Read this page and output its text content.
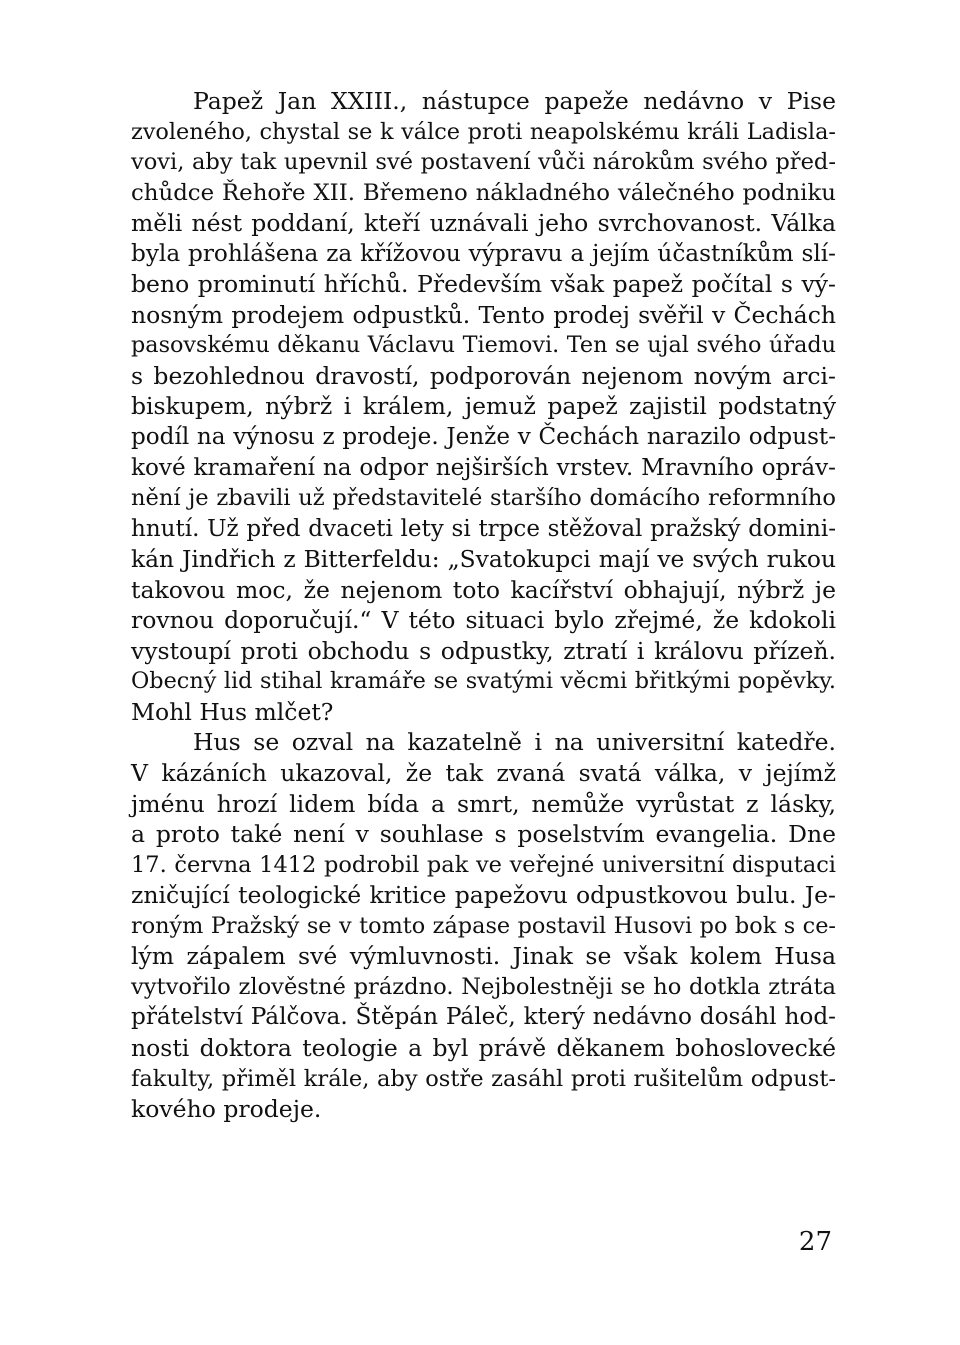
Papež Jan XXIII., nástupce papeže nedávno v Pise
zvoleného, chystal se k válce proti neapolskému králi Ladisla-
vovi, aby tak upevnil své postavení vůči nárokům svého před-
chůdce Řehoře XII. Břemeno nákladného válečného podniku
měli nést poddaní, kteří uznávali jeho svrchovanost. Válka
byla prohlášena za křížovou výpravu a jejím účastníkům slí-
beno prominutí hříchů. Především však papež počítal s vý-
nosným prodejem odpustků. Tento prodej svěřil v Čechách
pasovskému děkanu Václavu Tiemovi. Ten se ujal svého úřadu
s bezohlednou dravostí, podporován nejenom novým arci-
biskupem, nýbrž i králem, jemuž papež zajistil podstatný
podíl na výnosu z prodeje. Jenže v Čechách narazilo odpust-
kové kramaření na odpor nejširších vrstev. Mravního opráv-
nění je zbavili už představitelé staršího domácího reformního
hnutí. Už před dvaceti lety si trpce stěžoval pražský domini-
kán Jindřich z Bitterfeldu: „Svatokupci mají ve svých rukou
takovou moc, že nejenom toto kacířství obhajují, nýbrž je
rovnou doporučují.“ V této situaci bylo zřejmé, že kdokoli
vystoupí proti obchodu s odpustky, ztratí i královu přízeň.
Obecný lid stihal kramáře se svatými věcmi břitkými popěvky.
Mohl Hus mlčet?
Hus se ozval na kazatelně i na universitní katedře.
V kázáních ukazoval, že tak zvaná svatá válka, v jejímž
jménu hrozí lidem bída a smrt, nemůže vyrůstat z lásky,
a proto také není v souhlase s poselstvím evangelia. Dne
17. června 1412 podrobil pak ve veřejné universitní disputaci
zničující teologické kritice papežovu odpustkovou bulu. Je-
roným Pražský se v tomto zápase postavil Husovi po bok s ce-
lým zápalem své výmluvnosti. Jinak se však kolem Husa
vytvořilo zlověstné prázdno. Nejbolestněji se ho dotkla ztráta
přátelství Pálčova. Štěpán Páleč, který nedávno dosáhl hod-
nosti doktora teologie a byl právě děkanem bohoslovecké
fakulty, přiměl krále, aby ostře zasáhl proti rušitelům odpust-
kového prodeje.
27
